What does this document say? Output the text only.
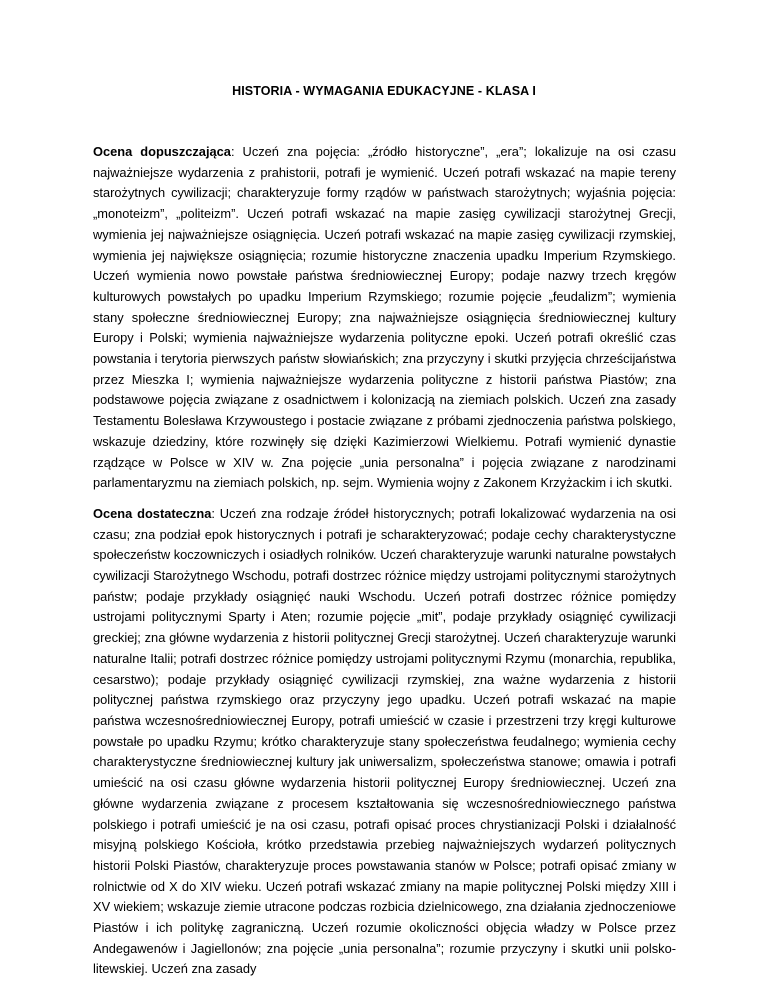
HISTORIA - WYMAGANIA EDUKACYJNE - KLASA I

Ocena dopuszczająca: Uczeń zna pojęcia: „źródło historyczne”, „era”; lokalizuje na osi czasu najważniejsze wydarzenia z prahistorii, potrafi je wymienić. Uczeń potrafi wskazać na mapie tereny starożytnych cywilizacji; charakteryzuje formy rządów w państwach starożytnych; wyjaśnia pojęcia: „monoteizm”, „politeizm”. Uczeń potrafi wskazać na mapie zasięg cywilizacji starożytnej Grecji, wymienia jej najważniejsze osiągnięcia. Uczeń potrafi wskazać na mapie zasięg cywilizacji rzymskiej, wymienia jej największe osiągnięcia; rozumie historyczne znaczenia upadku Imperium Rzymskiego. Uczeń wymienia nowo powstałe państwa średniowiecznej Europy; podaje nazwy trzech kręgów kulturowych powstałych po upadku Imperium Rzymskiego; rozumie pojęcie „feudalizm”; wymienia stany społeczne średniowiecznej Europy; zna najważniejsze osiągnięcia średniowiecznej kultury Europy i Polski; wymienia najważniejsze wydarzenia polityczne epoki. Uczeń potrafi określić czas powstania i terytoria pierwszych państw słowiańskich; zna przyczyny i skutki przyjęcia chrześcijaństwa przez Mieszka I; wymienia najważniejsze wydarzenia polityczne z historii państwa Piastów; zna podstawowe pojęcia związane z osadnictwem i kolonizacją na ziemiach polskich. Uczeń zna zasady Testamentu Bolesława Krzywoustego i postacie związane z próbami zjednoczenia państwa polskiego, wskazuje dziedziny, które rozwinęły się dzięki Kazimierzowi Wielkiemu. Potrafi wymienić dynastie rządzące w Polsce w XIV w. Zna pojęcie „unia personalna” i pojęcia związane z narodzinami parlamentaryzmu na ziemiach polskich, np. sejm. Wymienia wojny z Zakonem Krzyżackim i ich skutki.

Ocena dostateczna: Uczeń zna rodzaje źródeł historycznych; potrafi lokalizować wydarzenia na osi czasu; zna podział epok historycznych i potrafi je scharakteryzować; podaje cechy charakterystyczne społeczeństw koczowniczych i osiadłych rolników. Uczeń charakteryzuje warunki naturalne powstałych cywilizacji Starożytnego Wschodu, potrafi dostrzec różnice między ustrojami politycznymi starożytnych państw; podaje przykłady osiągnięć nauki Wschodu. Uczeń potrafi dostrzec różnice pomiędzy ustrojami politycznymi Sparty i Aten; rozumie pojęcie „mit”, podaje przykłady osiągnięć cywilizacji greckiej; zna główne wydarzenia z historii politycznej Grecji starożytnej. Uczeń charakteryzuje warunki naturalne Italii; potrafi dostrzec różnice pomiędzy ustrojami politycznymi Rzymu (monarchia, republika, cesarstwo); podaje przykłady osiągnięć cywilizacji rzymskiej, zna ważne wydarzenia z historii politycznej państwa rzymskiego oraz przyczyny jego upadku. Uczeń potrafi wskazać na mapie państwa wczesnośredniowiecznej Europy, potrafi umieścić w czasie i przestrzeni trzy kręgi kulturowe powstałe po upadku Rzymu; krótko charakteryzuje stany społeczeństwa feudalnego; wymienia cechy charakterystyczne średniowiecznej kultury jak uniwersalizm, społeczeństwa stanowe; omawia i potrafi umieścić na osi czasu główne wydarzenia historii politycznej Europy średniowiecznej. Uczeń zna główne wydarzenia związane z procesem kształtowania się wczesnośredniowiecznego państwa polskiego i potrafi umieścić je na osi czasu, potrafi opisać proces chrystianizacji Polski i działalność misyjną polskiego Kościoła, krótko przedstawia przebieg najważniejszych wydarzeń politycznych historii Polski Piastów, charakteryzuje proces powstawania stanów w Polsce; potrafi opisać zmiany w rolnictwie od X do XIV wieku. Uczeń potrafi wskazać zmiany na mapie politycznej Polski między XIII i XV wiekiem; wskazuje ziemie utracone podczas rozbicia dzielnicowego, zna działania zjednoczeniowe Piastów i ich politykę zagraniczną. Uczeń rozumie okoliczności objęcia władzy w Polsce przez Andegawenów i Jagiellonów; zna pojęcie „unia personalna”; rozumie przyczyny i skutki unii polsko-litewskiej. Uczeń zna zasady
